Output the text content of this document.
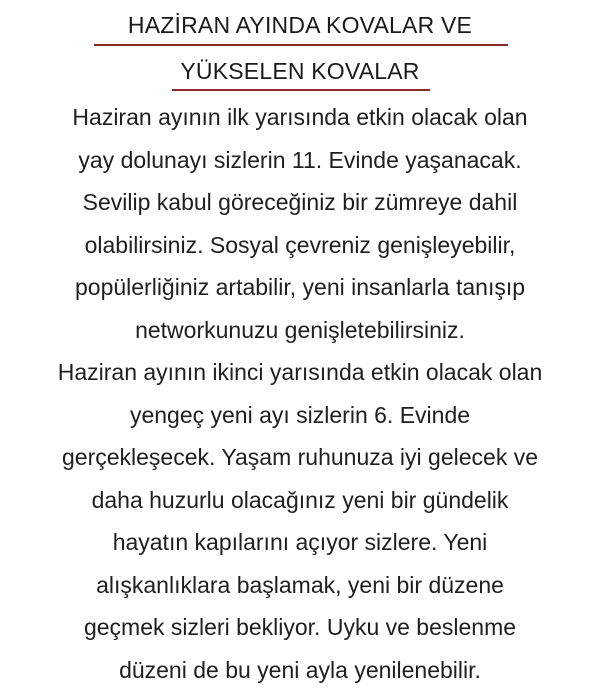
HAZİRAN AYINDA KOVALAR VE
YÜKSELEN KOVALAR
Haziran ayının ilk yarısında etkin olacak olan
yay dolunayı sizlerin 11. Evinde yaşanacak.
Sevilip kabul göreceğiniz bir zümreye dahil
olabilirsiniz. Sosyal çevreniz genişleyebilir,
popülerliğiniz artabilir, yeni insanlarla tanışıp
networkunuzu genişletebilirsiniz.
Haziran ayının ikinci yarısında etkin olacak olan
yengeç yeni ayı sizlerin 6. Evinde
gerçekleşecek. Yaşam ruhunuza iyi gelecek ve
daha huzurlu olacağınız yeni bir gündelik
hayatın kapılarını açıyor sizlere. Yeni
alışkanlıklara başlamak, yeni bir düzene
geçmek sizleri bekliyor. Uyku ve beslenme
düzeni de bu yeni ayla yenilenebilir.
